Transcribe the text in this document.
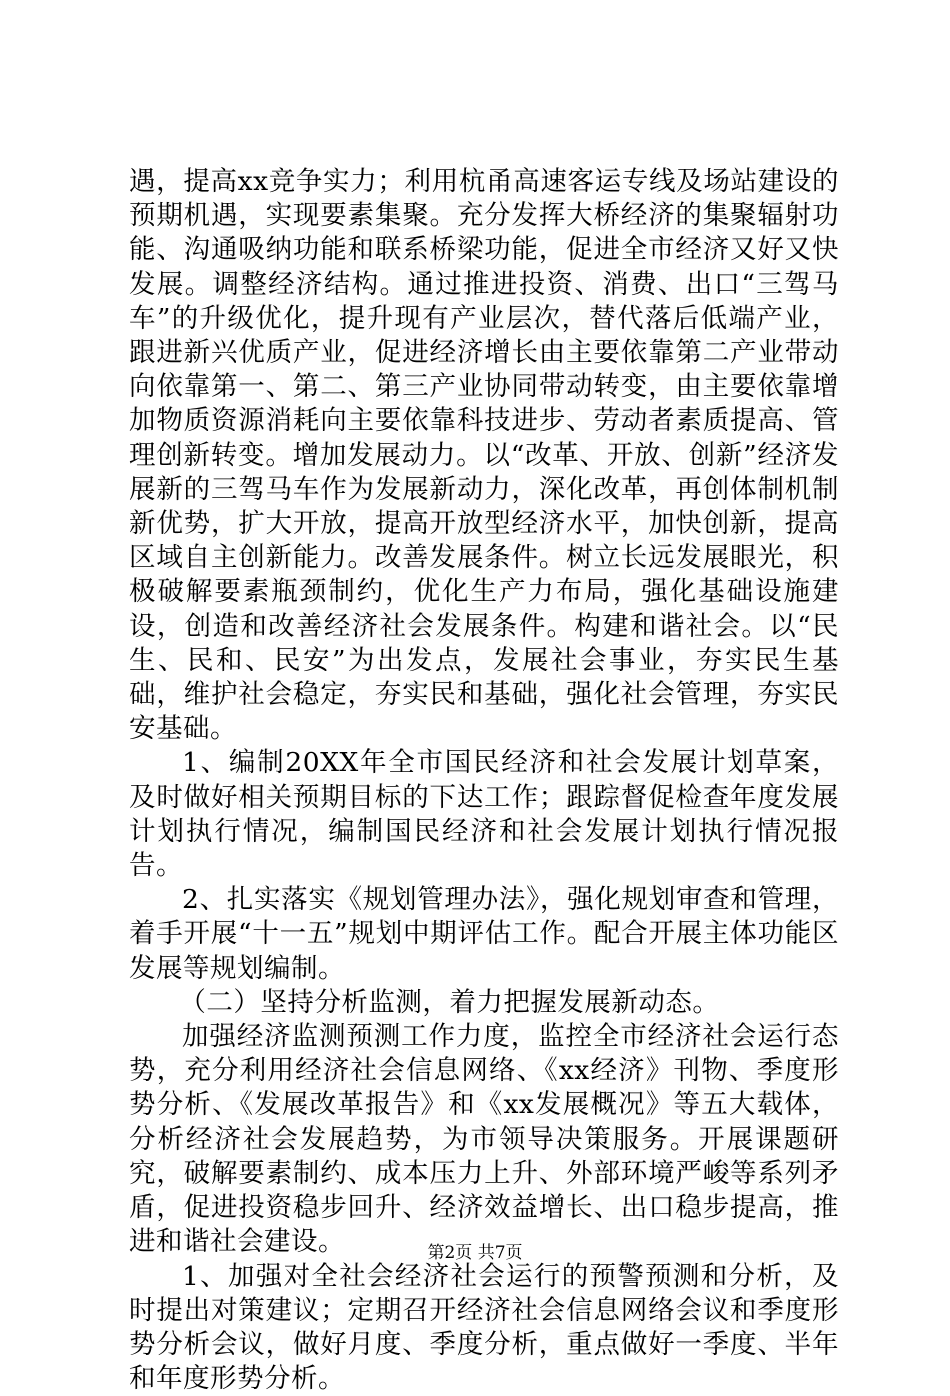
遇，提高xx竞争实力；利用杭甬高速客运专线及场站建设的预期机遇，实现要素集聚。充分发挥大桥经济的集聚辐射功能、沟通吸纳功能和联系桥梁功能，促进全市经济又好又快发展。调整经济结构。通过推进投资、消费、出口“三驾马车”的升级优化，提升现有产业层次，替代落后低端产业，跟进新兴优质产业，促进经济增长由主要依靠第二产业带动向依靠第一、第二、第三产业协同带动转变，由主要依靠增加物质资源消耗向主要依靠科技进步、劳动者素质提高、管理创新转变。增加发展动力。以“改革、开放、创新”经济发展新的三驾马车作为发展新动力，深化改革，再创体制机制新优势，扩大开放，提高开放型经济水平，加快创新，提高区域自主创新能力。改善发展条件。树立长远发展眼光，积极破解要素瓶颈制约，优化生产力布局，强化基础设施建设，创造和改善经济社会发展条件。构建和谐社会。以“民生、民和、民安”为出发点，发展社会事业，夯实民生基础，维护社会稳定，夯实民和基础，强化社会管理，夯实民安基础。

1、编制20XX年全市国民经济和社会发展计划草案，及时做好相关预期目标的下达工作；跟踪督促检查年度发展计划执行情况，编制国民经济和社会发展计划执行情况报告。

2、扎实落实《规划管理办法》，强化规划审查和管理，着手开展“十一五”规划中期评估工作。配合开展主体功能区发展等规划编制。

（二）坚持分析监测，着力把握发展新动态。

加强经济监测预测工作力度，监控全市经济社会运行态势，充分利用经济社会信息网络、《xx经济》刊物、季度形势分析、《发展改革报告》和《xx发展概况》等五大载体，分析经济社会发展趋势，为市领导决策服务。开展课题研究，破解要素制约、成本压力上升、外部环境严峻等系列矛盾，促进投资稳步回升、经济效益增长、出口稳步提高，推进和谐社会建设。

1、加强对全社会经济社会运行的预警预测和分析，及时提出对策建议；定期召开经济社会信息网络会议和季度形势分析会议，做好月度、季度分析，重点做好一季度、半年和年度形势分析。

第2页 共7页
